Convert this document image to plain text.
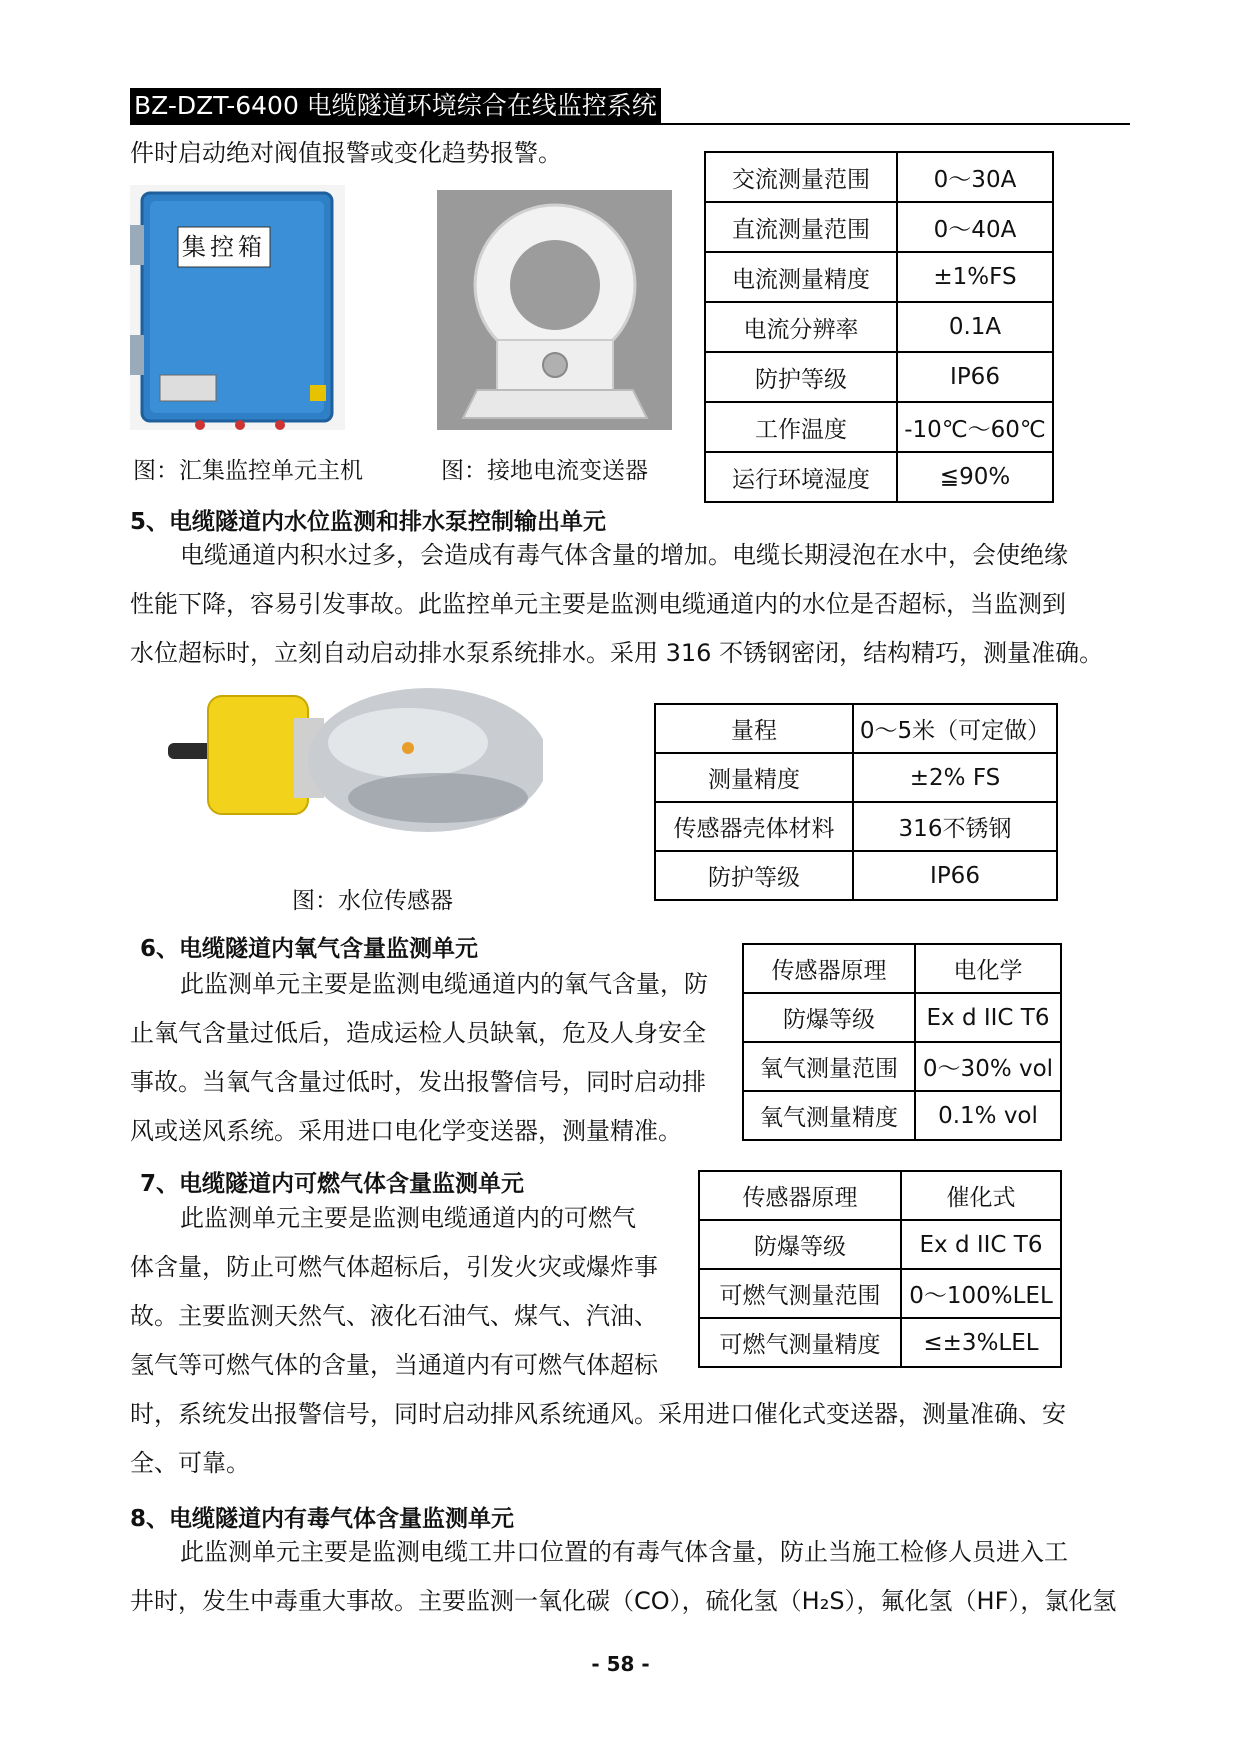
BZ-DZT-6400 电缆隧道环境综合在线监控系统
件时启动绝对阀值报警或变化趋势报警。
集控箱
图：汇集监控单元主机	图：接地电流变送器
交流测量范围	0～30A
直流测量范围	0～40A
电流测量精度	±1%FS
电流分辨率	0.1A
防护等级	IP66
工作温度	-10℃～60℃
运行环境湿度	≦90%
5、电缆隧道内水位监测和排水泵控制输出单元
电缆通道内积水过多，会造成有毒气体含量的增加。电缆长期浸泡在水中，会使绝缘
性能下降，容易引发事故。此监控单元主要是监测电缆通道内的水位是否超标，当监测到
水位超标时，立刻自动启动排水泵系统排水。采用 316 不锈钢密闭，结构精巧，测量准确。
图：水位传感器
量程	0～5米（可定做）
测量精度	±2% FS
传感器壳体材料	316不锈钢
防护等级	IP66
6、电缆隧道内氧气含量监测单元
此监测单元主要是监测电缆通道内的氧气含量，防
止氧气含量过低后，造成运检人员缺氧，危及人身安全
事故。当氧气含量过低时，发出报警信号，同时启动排
风或送风系统。采用进口电化学变送器，测量精准。
传感器原理	电化学
防爆等级	Ex d IIC T6
氧气测量范围	0～30% vol
氧气测量精度	0.1% vol
7、电缆隧道内可燃气体含量监测单元
此监测单元主要是监测电缆通道内的可燃气
体含量，防止可燃气体超标后，引发火灾或爆炸事
故。主要监测天然气、液化石油气、煤气、汽油、
氢气等可燃气体的含量，当通道内有可燃气体超标
时，系统发出报警信号，同时启动排风系统通风。采用进口催化式变送器，测量准确、安
全、可靠。
传感器原理	催化式
防爆等级	Ex d IIC T6
可燃气测量范围	0～100%LEL
可燃气测量精度	≤±3%LEL
8、电缆隧道内有毒气体含量监测单元
此监测单元主要是监测电缆工井口位置的有毒气体含量，防止当施工检修人员进入工
井时，发生中毒重大事故。主要监测一氧化碳（CO），硫化氢（H₂S），氟化氢（HF），氯化氢
- 58 -
